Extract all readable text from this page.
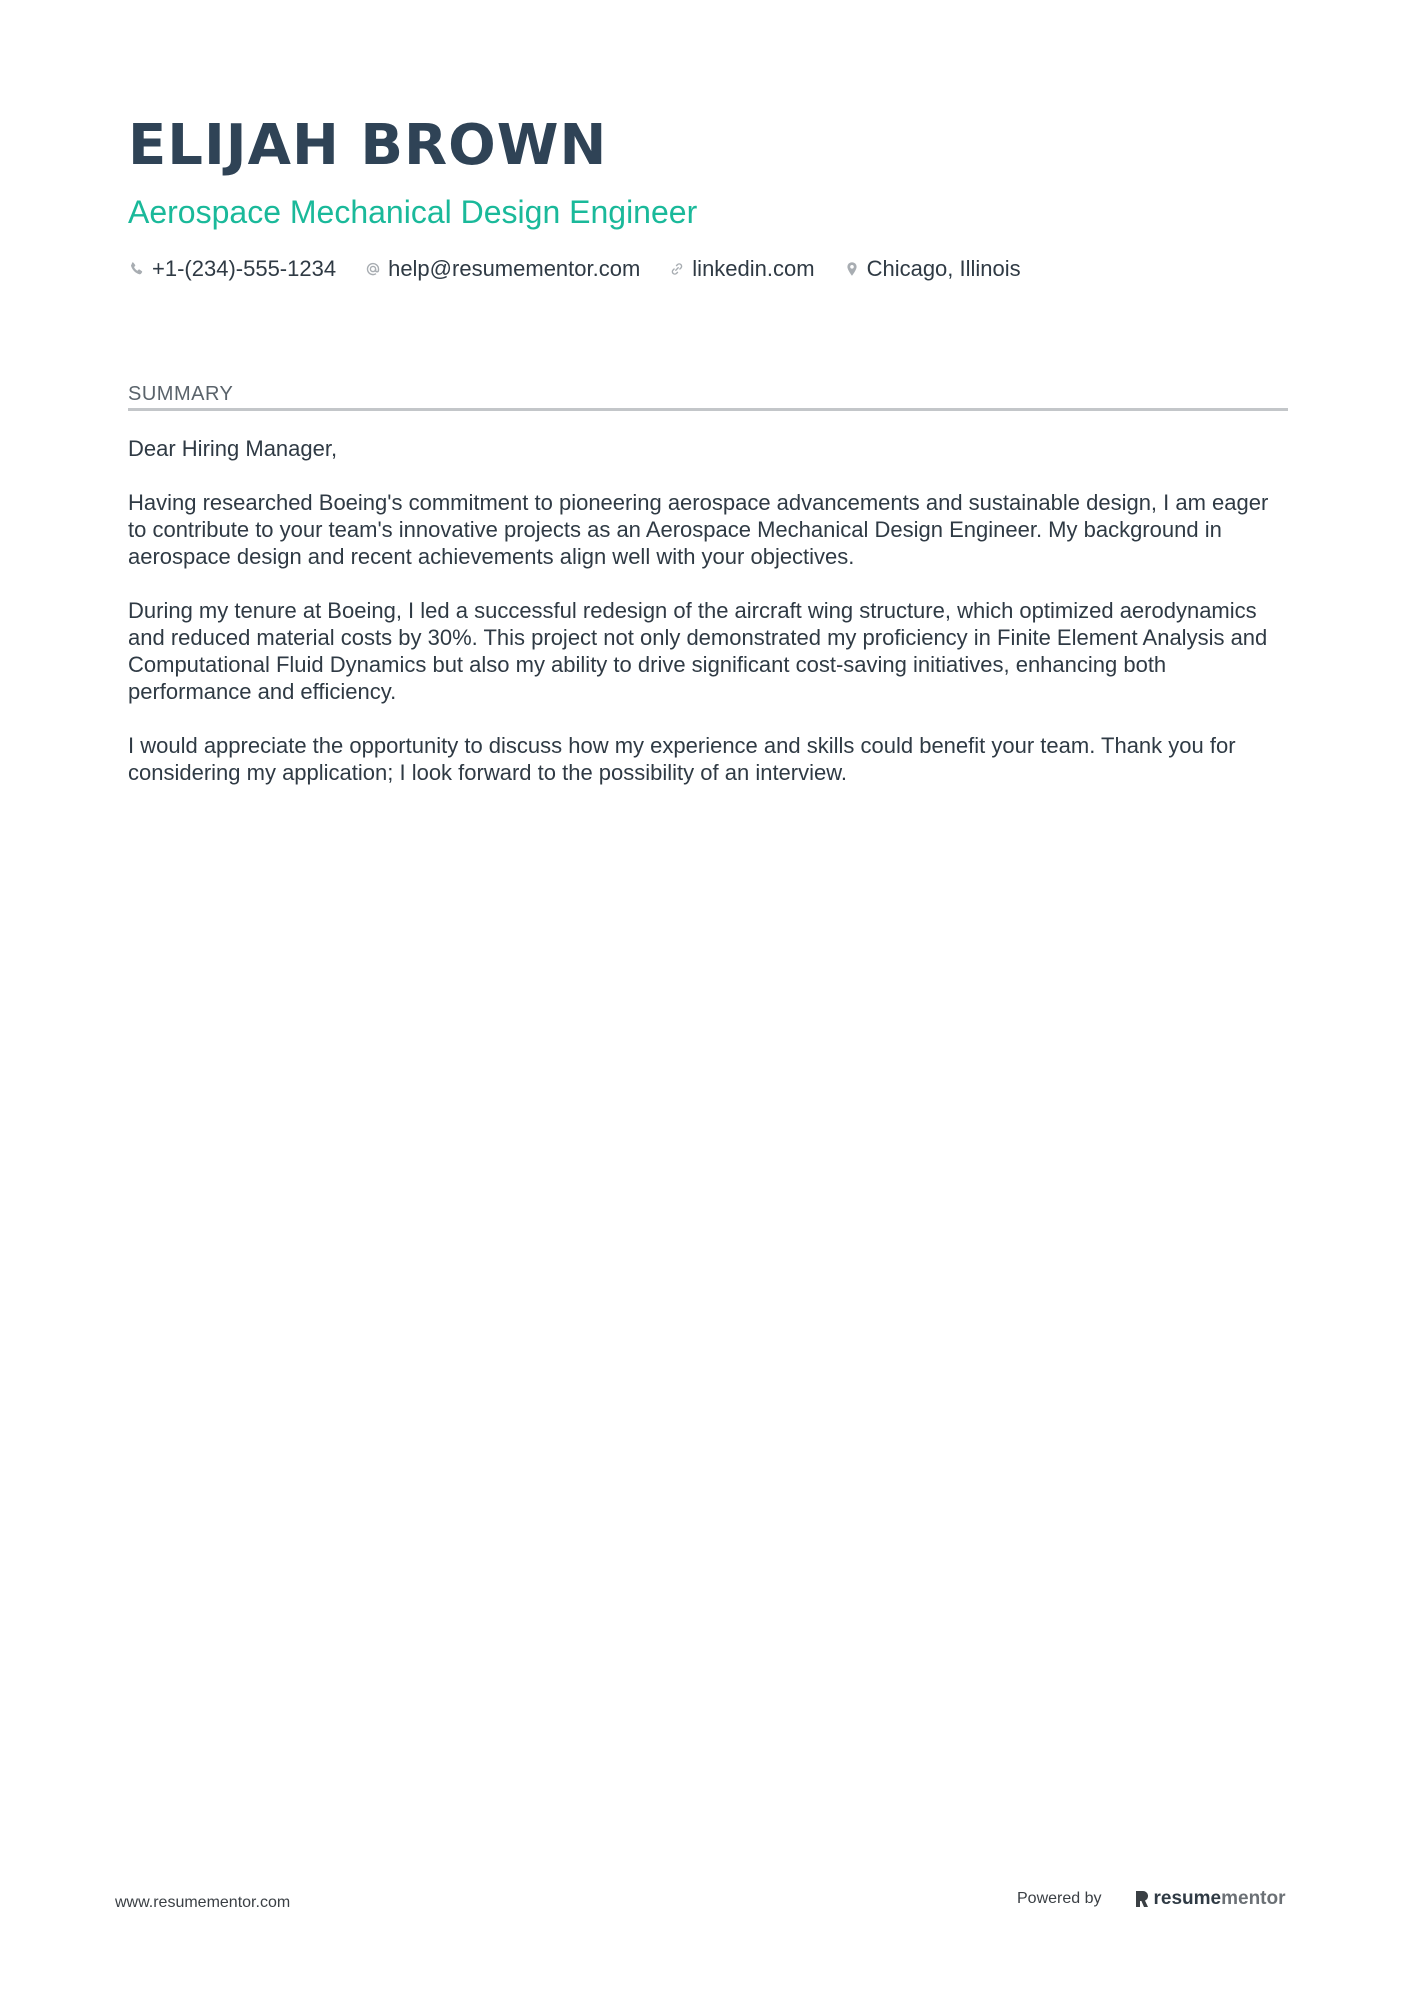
ELIJAH BROWN
Aerospace Mechanical Design Engineer
+1-(234)-555-1234 help@resumementor.com linkedin.com Chicago, Illinois
SUMMARY

Dear Hiring Manager,

Having researched Boeing's commitment to pioneering aerospace advancements and sustainable design, I am eager to contribute to your team's innovative projects as an Aerospace Mechanical Design Engineer. My background in aerospace design and recent achievements align well with your objectives.

During my tenure at Boeing, I led a successful redesign of the aircraft wing structure, which optimized aerodynamics and reduced material costs by 30%. This project not only demonstrated my proficiency in Finite Element Analysis and Computational Fluid Dynamics but also my ability to drive significant cost-saving initiatives, enhancing both performance and efficiency.

I would appreciate the opportunity to discuss how my experience and skills could benefit your team. Thank you for considering my application; I look forward to the possibility of an interview.

www.resumementor.com	Powered by	resume mentor
